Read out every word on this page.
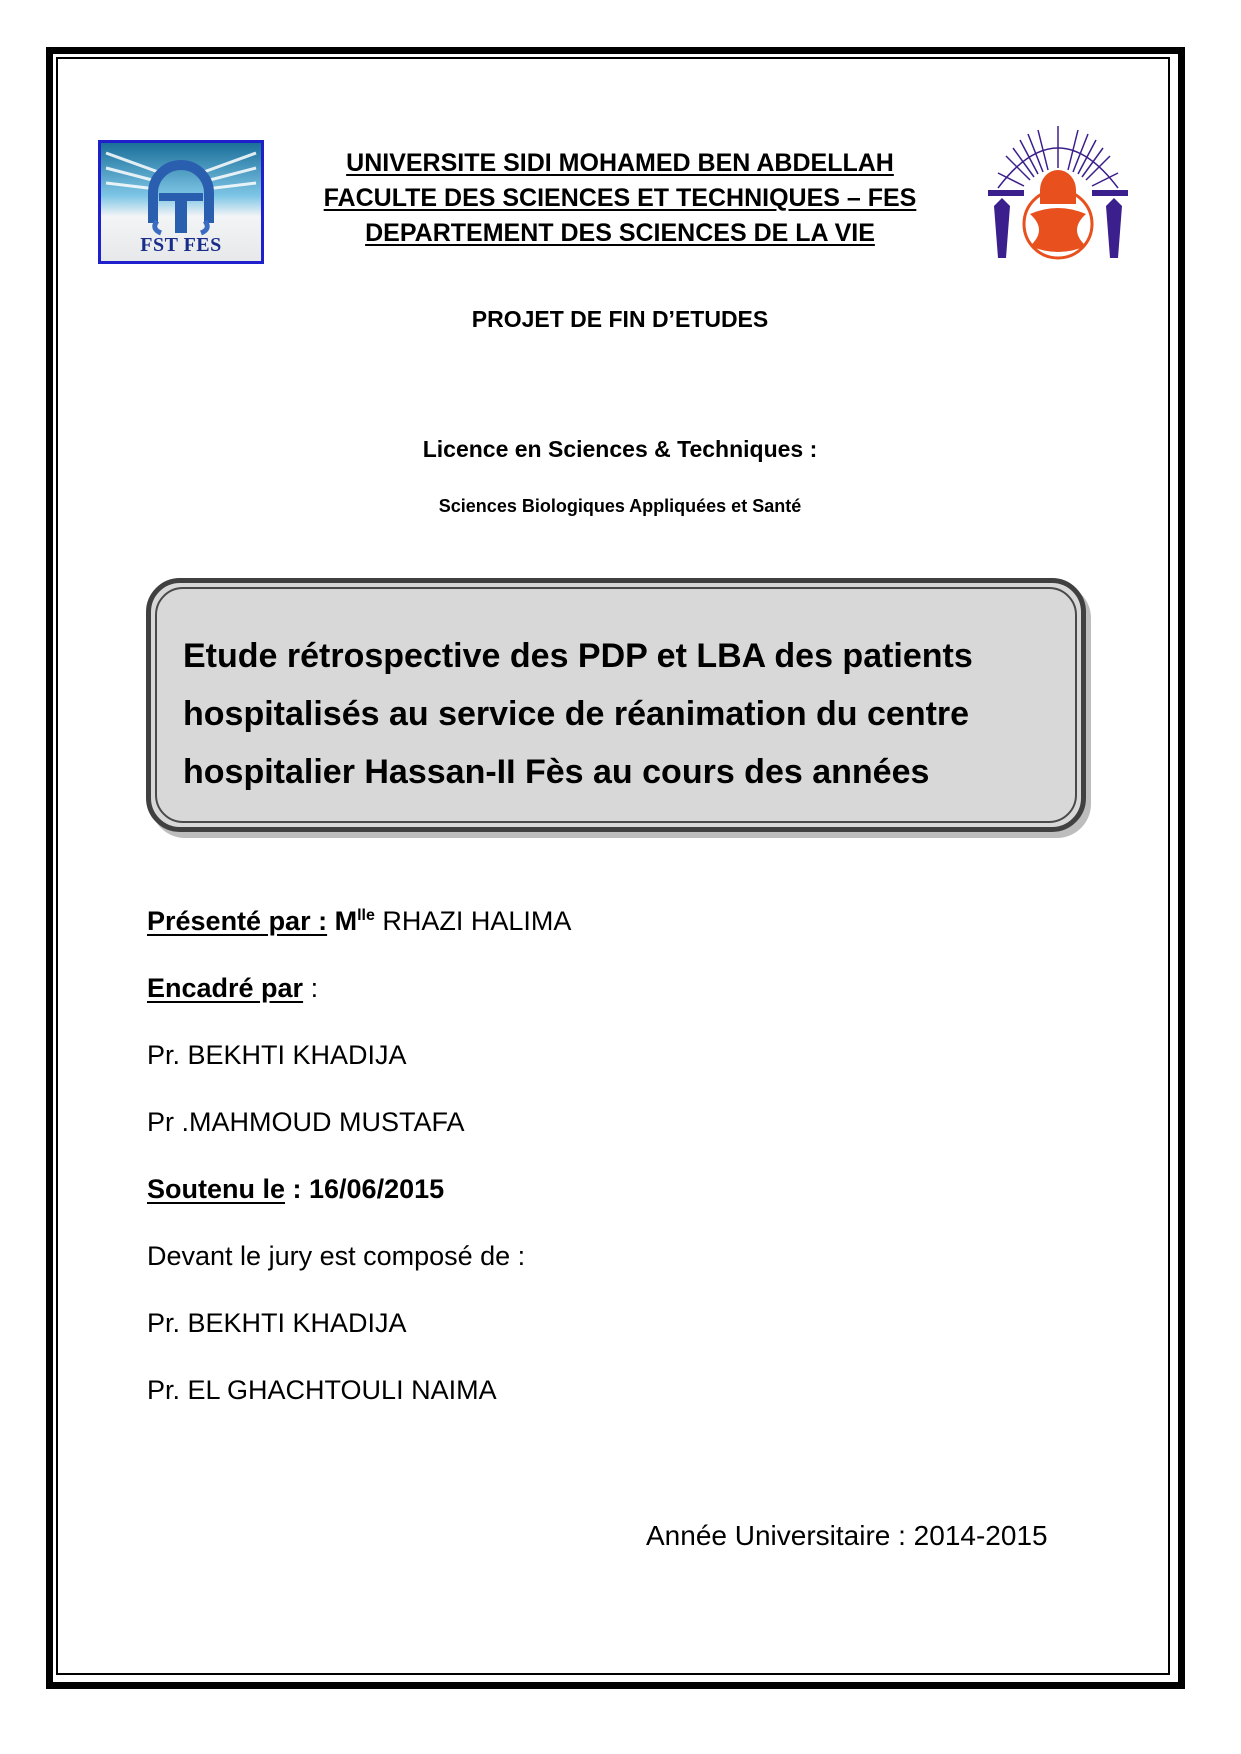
FST FES
UNIVERSITE SIDI MOHAMED BEN ABDELLAH
FACULTE DES SCIENCES ET TECHNIQUES – FES
DEPARTEMENT DES SCIENCES DE LA VIE
PROJET DE FIN D’ETUDES
Licence en Sciences & Techniques :
Sciences Biologiques Appliquées et Santé
Etude rétrospective des PDP et LBA des patients
hospitalisés au service de réanimation du centre
hospitalier Hassan-II Fès au cours des années
Présenté par : $M^{lle}$ RHAZI HALIMA
Encadré par :
Pr. BEKHTI KHADIJA
Pr .MAHMOUD MUSTAFA
Soutenu le : 16/06/2015
Devant le jury est composé de :
Pr. BEKHTI KHADIJA
Pr. EL GHACHTOULI NAIMA
Année Universitaire : 2014-2015
